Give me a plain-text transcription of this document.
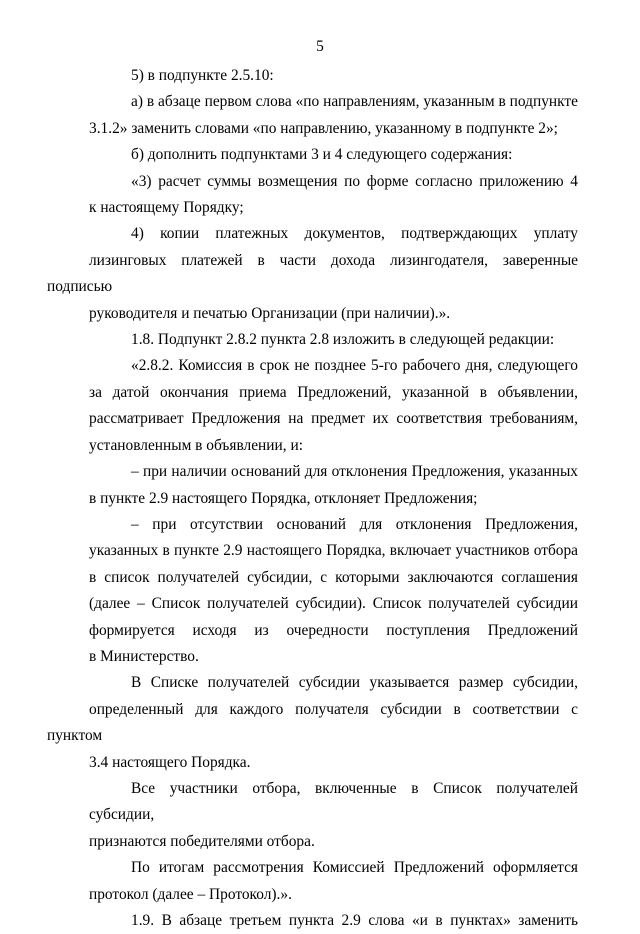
5

5) в подпункте 2.5.10:

а) в абзаце первом слова «по направлениям, указанным в подпункте
3.1.2» заменить словами «по направлению, указанному в подпункте 2»;

б) дополнить подпунктами 3 и 4 следующего содержания:

«3) расчет суммы возмещения по форме согласно приложению 4
к настоящему Порядку;

4) копии платежных документов, подтверждающих уплату
лизинговых платежей в части дохода лизингодателя, заверенные подписью
руководителя и печатью Организации (при наличии).».

1.8. Подпункт 2.8.2 пункта 2.8 изложить в следующей редакции:

«2.8.2. Комиссия в срок не позднее 5-го рабочего дня, следующего
за датой окончания приема Предложений, указанной в объявлении,
рассматривает Предложения на предмет их соответствия требованиям,
установленным в объявлении, и:

– при наличии оснований для отклонения Предложения, указанных
в пункте 2.9 настоящего Порядка, отклоняет Предложения;

– при отсутствии оснований для отклонения Предложения,
указанных в пункте 2.9 настоящего Порядка, включает участников отбора
в список получателей субсидии, с которыми заключаются соглашения
(далее – Список получателей субсидии). Список получателей субсидии
формируется исходя из очередности поступления Предложений
в Министерство.

В Списке получателей субсидии указывается размер субсидии,
определенный для каждого получателя субсидии в соответствии с пунктом
3.4 настоящего Порядка.

Все участники отбора, включенные в Список получателей субсидии,
признаются победителями отбора.

По итогам рассмотрения Комиссией Предложений оформляется
протокол (далее – Протокол).».

1.9. В абзаце третьем пункта 2.9 слова «и в пунктах» заменить
